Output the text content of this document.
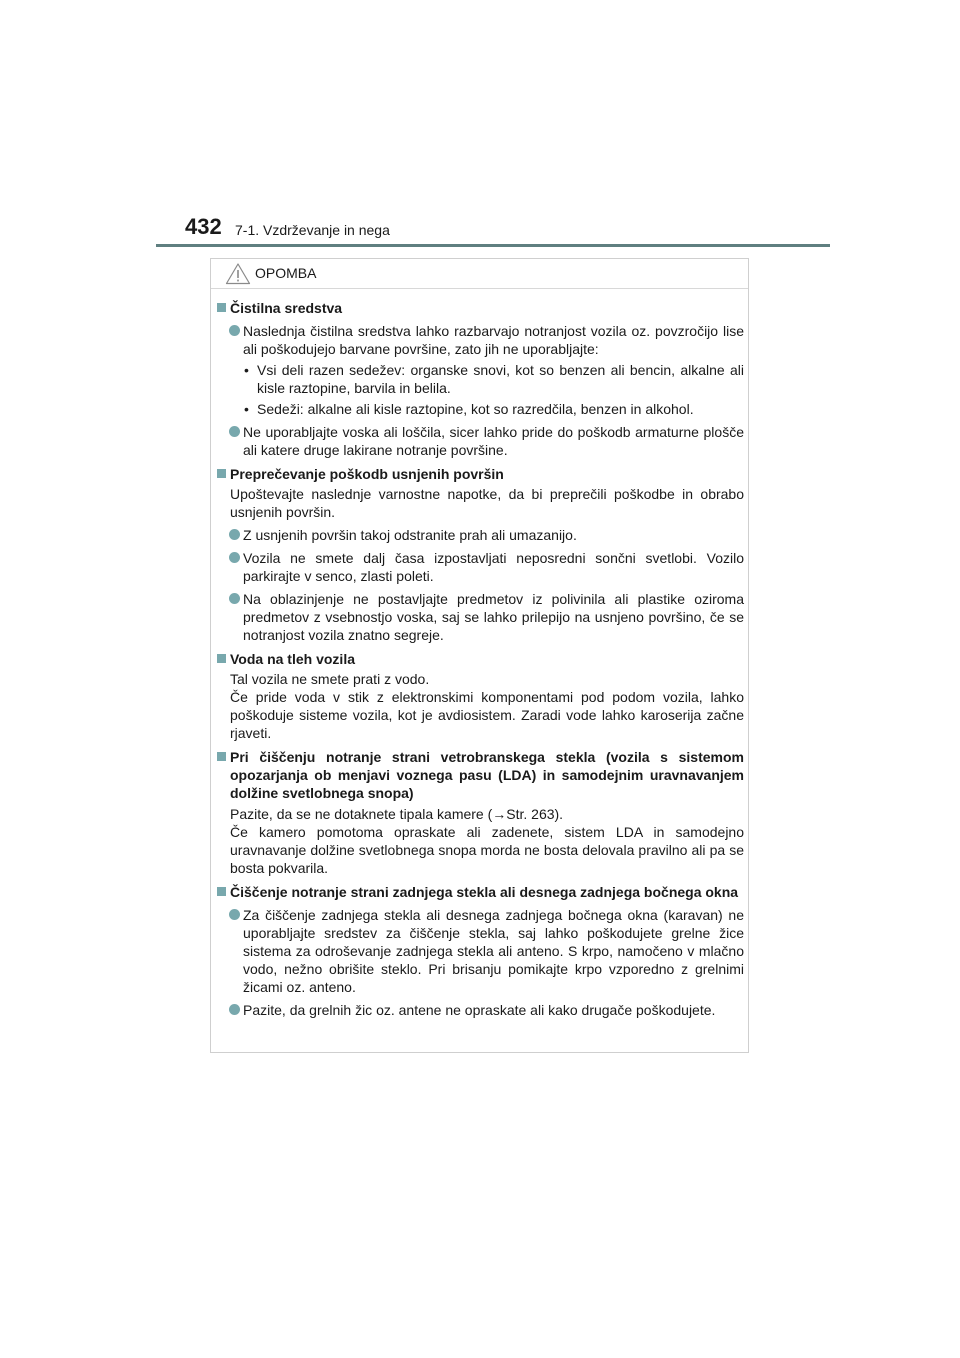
432 7-1. Vzdrževanje in nega
OPOMBA
Čistilna sredstva
Naslednja čistilna sredstva lahko razbarvajo notranjost vozila oz. povzročijo lise ali poškodujejo barvane površine, zato jih ne uporabljajte:
• Vsi deli razen sedežev: organske snovi, kot so benzen ali bencin, alkalne ali kisle raztopine, barvila in belila.
• Sedeži: alkalne ali kisle raztopine, kot so razredčila, benzen in alkohol.
Ne uporabljajte voska ali loščila, sicer lahko pride do poškodb armaturne plošče ali katere druge lakirane notranje površine.
Preprečevanje poškodb usnjenih površin
Upoštevajte naslednje varnostne napotke, da bi preprečili poškodbe in obrabo usnjenih površin.
Z usnjenih površin takoj odstranite prah ali umazanijo.
Vozila ne smete dalj časa izpostavljati neposredni sončni svetlobi. Vozilo parkirajte v senco, zlasti poleti.
Na oblazinjenje ne postavljajte predmetov iz polivinila ali plastike oziroma predmetov z vsebnostjo voska, saj se lahko prilepijo na usnjeno površino, če se notranjost vozila znatno segreje.
Voda na tleh vozila
Tal vozila ne smete prati z vodo.
Če pride voda v stik z elektronskimi komponentami pod podom vozila, lahko poškoduje sisteme vozila, kot je avdiosistem. Zaradi vode lahko karoserija začne rjaveti.
Pri čiščenju notranje strani vetrobranskega stekla (vozila s sistemom opozarjanja ob menjavi voznega pasu (LDA) in samodejnim uravnavanjem dolžine svetlobnega snopa)
Pazite, da se ne dotaknete tipala kamere (→Str. 263).
Če kamero pomotoma opraskate ali zadenete, sistem LDA in samodejno uravnavanje dolžine svetlobnega snopa morda ne bosta delovala pravilno ali pa se bosta pokvarila.
Čiščenje notranje strani zadnjega stekla ali desnega zadnjega bočnega okna
Za čiščenje zadnjega stekla ali desnega zadnjega bočnega okna (karavan) ne uporabljajte sredstev za čiščenje stekla, saj lahko poškodujete grelne žice sistema za odroševanje zadnjega stekla ali anteno. S krpo, namočeno v mlačno vodo, nežno obrišite steklo. Pri brisanju pomikajte krpo vzporedno z grelnimi žicami oz. anteno.
Pazite, da grelnih žic oz. antene ne opraskate ali kako drugače poškodujete.
